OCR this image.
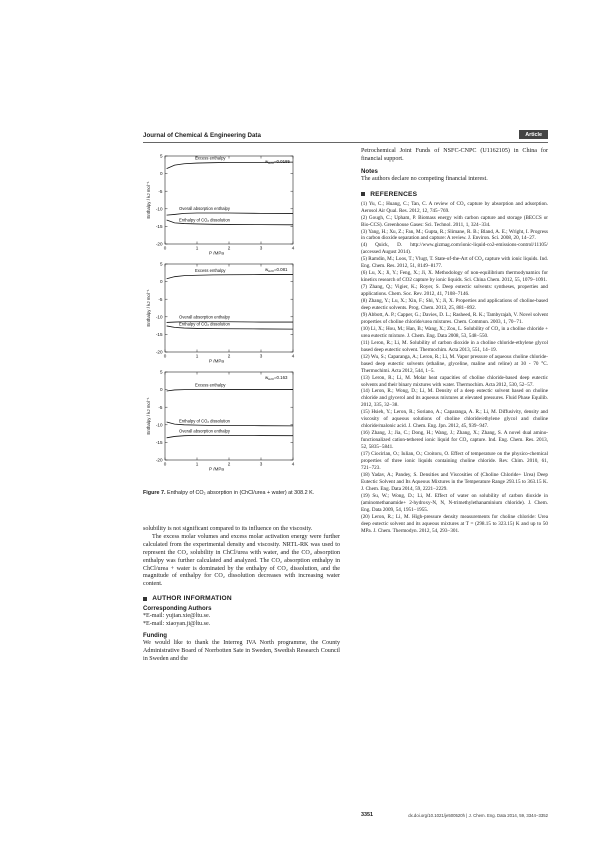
Journal of Chemical & Engineering Data	Article
5
0
-5
-10
-15
-20
0	1	2	3	4
P /MPa
Enthalpy / kJ mol⁻¹
Excess enthalpy
Overall absorption enthalpy
Enthalpy of CO₂ dissolution
$w_{H2O}=0.0185$
5
0
-5
-10
-15
-20
0	1	2	3	4
P /MPa
Enthalpy / kJ mol⁻¹
Excess enthalpy
Overall absorption enthalpy
Enthalpy of CO₂ dissolution
$w_{H2O}=0.081$
5
0
-5
-10
-15
-20
0	1	2	3	4
P /MPa
Enthalpy / kJ mol⁻¹
Excess enthalpy
Enthalpy of CO₂ dissolution
Overall absorption enthalpy
$w_{H2O}=0.163$
Figure 7. Enthalpy of CO₂ absorption in (ChCl/urea + water) at 308.2 K.

solubility is not significant compared to its influence on the viscosity.

The excess molar volumes and excess molar activation energy were further calculated from the experimental density and viscosity. NRTL-RK was used to represent the CO₂ solubility in ChCl/urea with water, and the CO₂ absorption enthalpy was further calculated and analyzed. The CO₂ absorption enthalpy in ChCl/urea + water is dominated by the enthalpy of CO₂ dissolution, and the magnitude of enthalpy for CO₂ dissolution decreases with increasing water content.

AUTHOR INFORMATION
Corresponding Authors

*E-mail: yujian.xie@ltu.se.

*E-mail: xiaoyan.ji@ltu.se.

Funding

We would like to thank the Interreg IVA North programme, the County Administrative Board of Norrbotten Sate in Sweden, Swedish Research Council in Sweden and the

Petrochemical Joint Funds of NSFC-CNPC (U1162105) in China for financial support.

Notes

The authors declare no competing financial interest.

REFERENCES

(1) Yu, C.; Huang, C.; Tan, C. A review of CO₂ capture by absorption and adsorption. Aerosol Air Qual. Res. 2012, 12, 745−769.

(2) Gough, C.; Upham, P. Biomass energy with carbon capture and storage (BECCS or Bio-CCS). Greenhouse Gases: Sci. Technol. 2011, 1, 324−334.

(3) Yang, H.; Xu, Z.; Fan, M.; Gupta, R.; Slimane, R. B.; Bland, A. E.; Wright, I. Progress in carbon dioxide separation and capture: A review. J. Environ. Sci. 2008, 20, 14−27.

(4) Quick, D. http://www.gizmag.com/ionic-liquid-co2-emissions-control/11105/ (accessed August 2014).

(5) Ramdin, M.; Loos, T.; Vlugt, T. State-of-the-Art of CO₂ capture with ionic liquids. Ind. Eng. Chem. Res. 2012, 51, 8149−8177.

(6) Lu, X.; Ji, Y.; Feng, X.; Ji, X. Methodology of non-equilibrium thermodynamics for kinetics research of CO2 capture by ionic liquids. Sci. China Chem. 2012, 55, 1079−1091.

(7) Zhang, Q.; Vigier, K.; Royer, S. Deep eutectic solvents: syntheses, properties and applications. Chem. Soc. Rev. 2012, 41, 7108−7146.

(8) Zhang, Y.; Lu, X.; Xin, F.; Shi, Y.; Ji, X. Properties and applications of choline-based deep eutectic solvents. Prog. Chem. 2013, 25, 881−892.

(9) Abbott, A. P.; Capper, G.; Davies, D. L.; Rasheed, R. K.; Tambyrajah, V. Novel solvent properties of choline chloride/urea mixtures. Chem. Commun. 2003, 1, 70−71.

(10) Li, X.; Hou, M.; Han, B.; Wang, X.; Zou, L. Solubility of CO₂ in a choline chloride + urea eutectic mixture. J. Chem. Eng. Data 2008, 53, 548−550.

(11) Leron, R.; Li, M. Solubility of carbon dioxide in a choline chloride-ethylene glycol based deep eutectic solvent. Thermochim. Acta 2013, 551, 14−19.

(12) Wu, S.; Caparanga, A.; Leron, R.; Li, M. Vapor pressure of aqueous choline chloride-based deep eutectic solvents (ethaline, glyceline, maline and reline) at 30 - 70 °C. Thermochimi. Acta 2012, 544, 1−5.

(13) Leron, R.; Li, M. Molar heat capacities of choline chloride-based deep eutectic solvents and their binary mixtures with water. Thermochim. Acta 2012, 530, 52−57.

(14) Leron, R.; Wong, D.; Li, M. Density of a deep eutectic solvent based on choline chloride and glycerol and its aqueous mixtures at elevated pressures. Fluid Phase Equilib. 2012, 335, 32−38.

(15) Hsieh, Y.; Leron, R.; Soriano, A.; Caparanga, A. R.; Li, M. Diffusivity, density and viscosity of aqueous solutions of choline chloride/ethylene glycol and choline chloride/malonic acid. J. Chem. Eng. Jpn. 2012, 45, 939−947.

(16) Zhang, J.; Jia, C.; Dong, H.; Wang, J.; Zhang, X.; Zhang, S. A novel dual amino-functionalized cation-tethered ionic liquid for CO₂ capture. Ind. Eng. Chem. Res. 2013, 52, 5835−5841.

(17) Ciocirlan, O.; Iulian, O.; Croitoru, O. Effect of temperature on the physico-chemical properties of three ionic liquids containing choline chloride. Rev. Chim. 2010, 61, 721−723.

(18) Yadav, A.; Pandey, S. Densities and Viscosities of (Choline Chloride+ Urea) Deep Eutectic Solvent and Its Aqueous Mixtures in the Temperature Range 293.15 to 363.15 K. J. Chem. Eng. Data 2014, 59, 2221−2229.

(19) Su, W.; Wong, D.; Li, M. Effect of water on solubility of carbon dioxide in (aminomethanamide+ 2-hydroxy-N, N, N-trimethylethanaminium chloride). J. Chem. Eng. Data 2009, 54, 1951−1955.

(20) Leron, R.; Li, M. High-pressure density measurements for choline chloride: Urea deep eutectic solvent and its aqueous mixtures at T = (298.15 to 323.15) K and up to 50 MPa. J. Chem. Thermodyn. 2012, 54, 293−301.

3351	dx.doi.org/10.1021/je500520h | J. Chem. Eng. Data 2014, 59, 3344−3352
